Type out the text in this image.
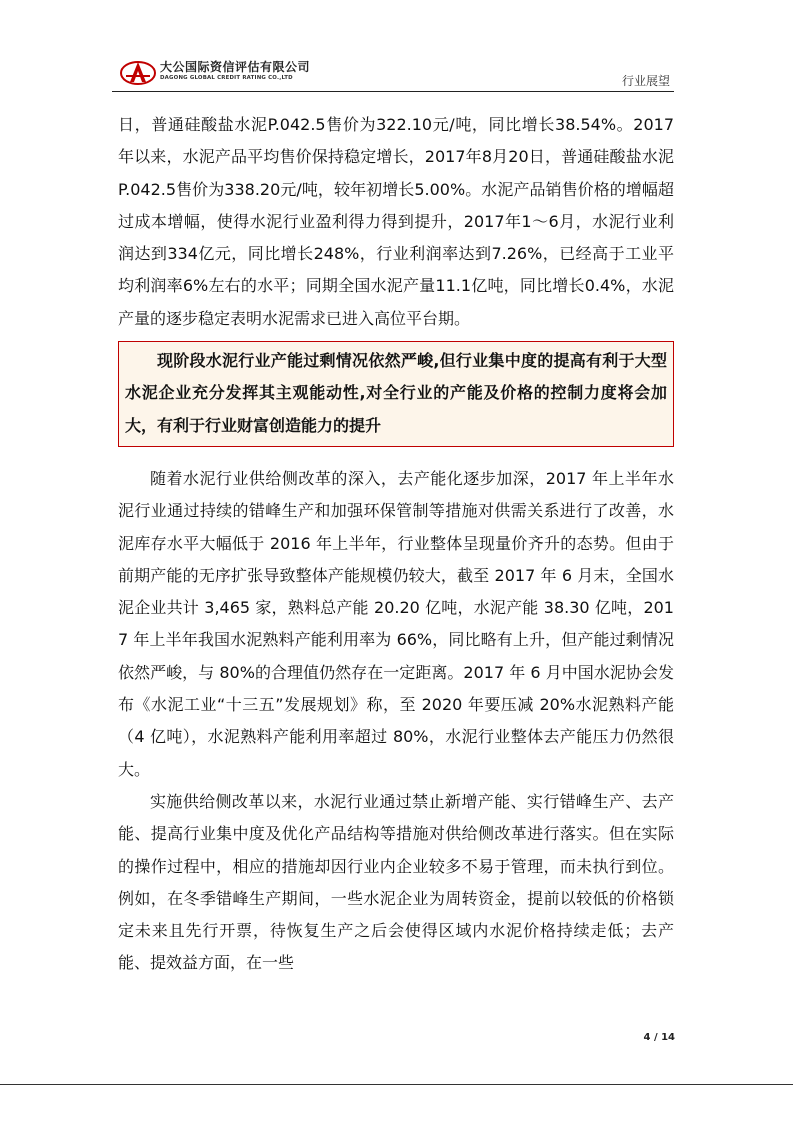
大公国际资信评估有限公司
DAGONG GLOBAL CREDIT RATING CO.,LTD	行业展望

日，普通硅酸盐水泥P.042.5售价为322.10元/吨，同比增长38.54%。2017年以来，水泥产品平均售价保持稳定增长，2017年8月20日，普通硅酸盐水泥P.042.5售价为338.20元/吨，较年初增长5.00%。水泥产品销售价格的增幅超过成本增幅，使得水泥行业盈利得力得到提升，2017年1～6月，水泥行业利润达到334亿元，同比增长248%，行业利润率达到7.26%，已经高于工业平均利润率6%左右的水平；同期全国水泥产量11.1亿吨，同比增长0.4%，水泥产量的逐步稳定表明水泥需求已进入高位平台期。

现阶段水泥行业产能过剩情况依然严峻,但行业集中度的提高有利于大型水泥企业充分发挥其主观能动性,对全行业的产能及价格的控制力度将会加大，有利于行业财富创造能力的提升

随着水泥行业供给侧改革的深入，去产能化逐步加深，2017 年上半年水泥行业通过持续的错峰生产和加强环保管制等措施对供需关系进行了改善，水泥库存水平大幅低于 2016 年上半年，行业整体呈现量价齐升的态势。但由于前期产能的无序扩张导致整体产能规模仍较大，截至 2017 年 6 月末，全国水泥企业共计 3,465 家，熟料总产能 20.20 亿吨，水泥产能 38.30 亿吨，2017 年上半年我国水泥熟料产能利用率为 66%，同比略有上升，但产能过剩情况依然严峻，与 80%的合理值仍然存在一定距离。2017 年 6 月中国水泥协会发布《水泥工业“十三五”发展规划》称，至 2020 年要压减 20%水泥熟料产能（4 亿吨），水泥熟料产能利用率超过 80%，水泥行业整体去产能压力仍然很大。

实施供给侧改革以来，水泥行业通过禁止新增产能、实行错峰生产、去产能、提高行业集中度及优化产品结构等措施对供给侧改革进行落实。但在实际的操作过程中，相应的措施却因行业内企业较多不易于管理，而未执行到位。例如，在冬季错峰生产期间，一些水泥企业为周转资金，提前以较低的价格锁定未来且先行开票，待恢复生产之后会使得区域内水泥价格持续走低；去产能、提效益方面，在一些

4 / 14
